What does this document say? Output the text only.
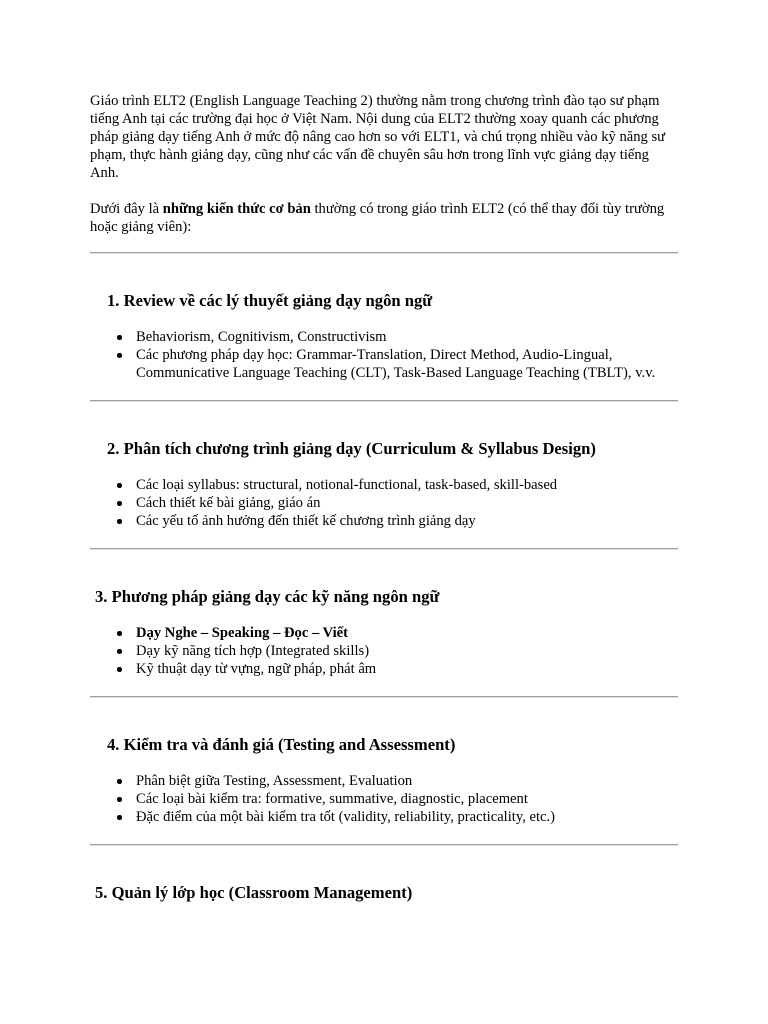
Giáo trình ELT2 (English Language Teaching 2) thường nằm trong chương trình đào tạo sư phạm tiếng Anh tại các trường đại học ở Việt Nam. Nội dung của ELT2 thường xoay quanh các phương pháp giảng dạy tiếng Anh ở mức độ nâng cao hơn so với ELT1, và chú trọng nhiều vào kỹ năng sư phạm, thực hành giảng dạy, cũng như các vấn đề chuyên sâu hơn trong lĩnh vực giảng dạy tiếng Anh.

Dưới đây là những kiến thức cơ bản thường có trong giáo trình ELT2 (có thể thay đổi tùy trường hoặc giảng viên):

1. Review về các lý thuyết giảng dạy ngôn ngữ
Behaviorism, Cognitivism, Constructivism
Các phương pháp dạy học: Grammar-Translation, Direct Method, Audio-Lingual, Communicative Language Teaching (CLT), Task-Based Language Teaching (TBLT), v.v.
2. Phân tích chương trình giảng dạy (Curriculum & Syllabus Design)
Các loại syllabus: structural, notional-functional, task-based, skill-based
Cách thiết kế bài giảng, giáo án
Các yếu tố ảnh hưởng đến thiết kế chương trình giảng dạy
3. Phương pháp giảng dạy các kỹ năng ngôn ngữ
Dạy Nghe – Speaking – Đọc – Viết
Dạy kỹ năng tích hợp (Integrated skills)
Kỹ thuật dạy từ vựng, ngữ pháp, phát âm
4. Kiểm tra và đánh giá (Testing and Assessment)
Phân biệt giữa Testing, Assessment, Evaluation
Các loại bài kiểm tra: formative, summative, diagnostic, placement
Đặc điểm của một bài kiểm tra tốt (validity, reliability, practicality, etc.)
5. Quản lý lớp học (Classroom Management)
